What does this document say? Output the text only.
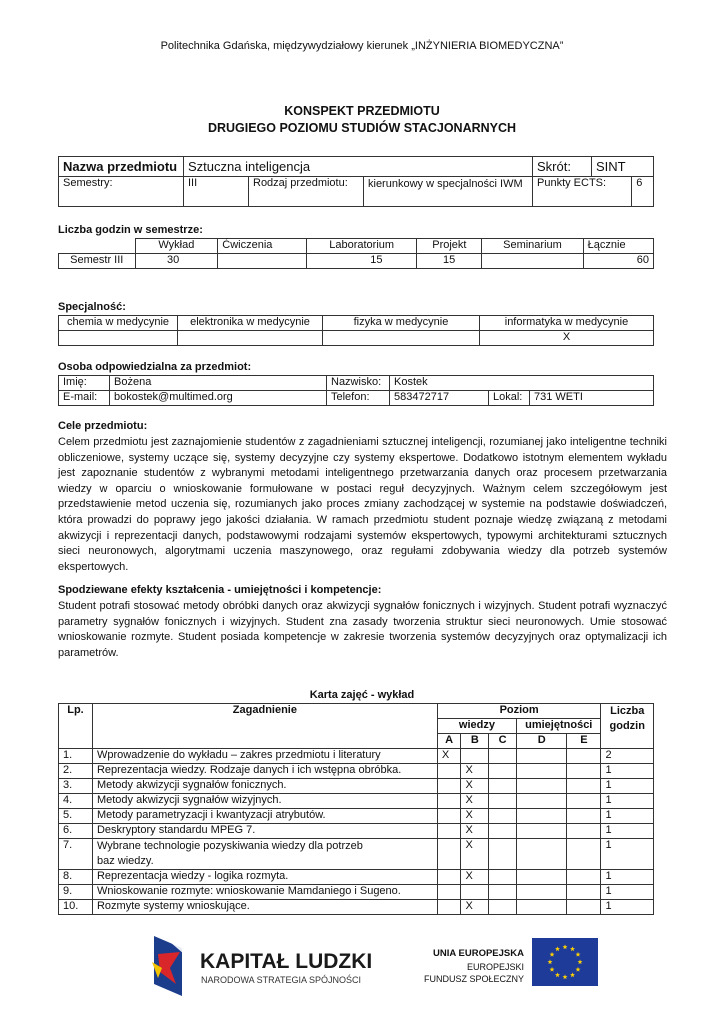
Politechnika Gdańska, międzywydziałowy kierunek „INŻYNIERIA BIOMEDYCZNA”
KONSPEKT PRZEDMIOTU
DRUGIEGO POZIOMU STUDIÓW STACJONARNYCH
Nazwa przedmiotu	Sztuczna inteligencja			Skrót:	SINT	
Semestry:	III	Rodzaj przedmiotu:	kierunkowy w specjalności IWM	Punkty ECTS:		6
Liczba godzin w semestrze:
	Wykład	Ćwiczenia	Laboratorium	Projekt	Seminarium	Łącznie
Semestr III	30		15	15		60
Specjalność:
chemia w medycynie	elektronika w medycynie	fizyka w medycynie	informatyka w medycynie
			X
Osoba odpowiedzialna za przedmiot:
Imię:	Bożena	Nazwisko:	Kostek		
E-mail:	bokostek@multimed.org	Telefon:	583472717	Lokal:	731 WETI
Cele przedmiotu:
Celem przedmiotu jest zaznajomienie studentów z zagadnieniami sztucznej inteligencji, rozumianej jako inteligentne techniki obliczeniowe, systemy uczące się, systemy decyzyjne czy systemy ekspertowe. Dodatkowo istotnym elementem wykładu jest zapoznanie studentów z wybranymi metodami inteligentnego przetwarzania danych oraz procesem przetwarzania wiedzy w oparciu o wnioskowanie formułowane w postaci reguł decyzyjnych. Ważnym celem szczegółowym jest przedstawienie metod uczenia się, rozumianych jako proces zmiany zachodzącej w systemie na podstawie doświadczeń, która prowadzi do poprawy jego jakości działania. W ramach przedmiotu student poznaje wiedzę związaną z metodami akwizycji i reprezentacji danych, podstawowymi rodzajami systemów ekspertowych, typowymi architekturami sztucznych sieci neuronowych, algorytmami uczenia maszynowego, oraz regułami zdobywania wiedzy dla potrzeb systemów ekspertowych.
Spodziewane efekty kształcenia - umiejętności i kompetencje:
Student potrafi stosować metody obróbki danych oraz akwizycji sygnałów fonicznych i wizyjnych. Student potrafi wyznaczyć parametry sygnałów fonicznych i wizyjnych. Student zna zasady tworzenia struktur sieci neuronowych. Umie stosować wnioskowanie rozmyte. Student posiada kompetencje w zakresie tworzenia systemów decyzyjnych oraz optymalizacji ich parametrów.
Karta zajęć - wykład
Lp.	Zagadnienie	Poziom					Liczba godzin
		wiedzy			umiejętności		
		A	B	C	D	E	
1.	Wprowadzenie do wykładu – zakres przedmiotu i literatury	X					2
2.	Reprezentacja wiedzy. Rodzaje danych i ich wstępna obróbka.		X				1
3.	Metody akwizycji sygnałów fonicznych.		X				1
4.	Metody akwizycji sygnałów wizyjnych.		X				1
5.	Metody parametryzacji i kwantyzacji atrybutów.		X				1
6.	Deskryptory standardu MPEG 7.		X				1
7.	Wybrane technologie pozyskiwania wiedzy dla potrzeb baz wiedzy.		X				1
8.	Reprezentacja wiedzy - logika rozmyta.		X				1
9.	Wnioskowanie rozmyte: wnioskowanie Mamdaniego i Sugeno.						1
10.	Rozmyte systemy wnioskujące.		X				1
KAPITAŁ LUDZKI
NARODOWA STRATEGIA SPÓJNOŚCI
UNIA EUROPEJSKA
EUROPEJSKI
FUNDUSZ SPOŁECZNY
